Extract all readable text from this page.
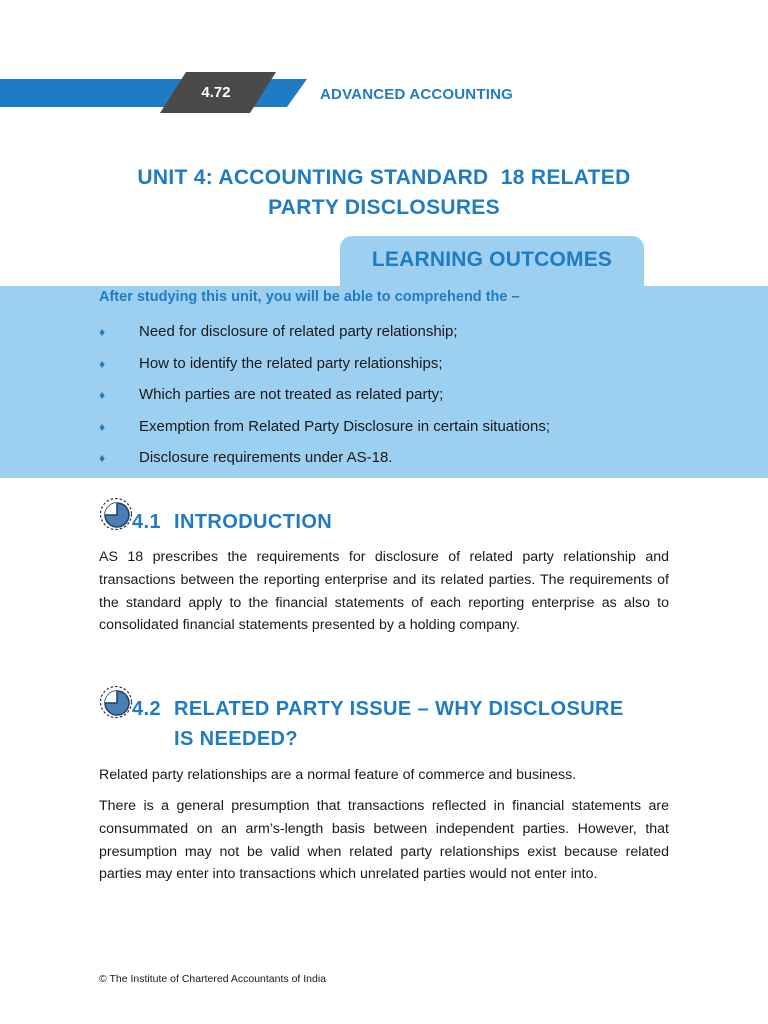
4.72	ADVANCED ACCOUNTING
UNIT 4: ACCOUNTING STANDARD  18 RELATED
PARTY DISCLOSURES
LEARNING OUTCOMES
After studying this unit, you will be able to comprehend the –
♦	Need for disclosure of related party relationship;
♦	How to identify the related party relationships;
♦	Which parties are not treated as related party;
♦	Exemption from Related Party Disclosure in certain situations;
♦	Disclosure requirements under AS-18.
4.1 INTRODUCTION

AS 18 prescribes the requirements for disclosure of related party relationship and transactions between the reporting enterprise and its related parties. The requirements of the standard apply to the financial statements of each reporting enterprise as also to consolidated financial statements presented by a holding company.

4.2 RELATED PARTY ISSUE – WHY DISCLOSURE
IS NEEDED?

Related party relationships are a normal feature of commerce and business.

There is a general presumption that transactions reflected in financial statements are consummated on an arm’s-length basis between independent parties. However, that presumption may not be valid when related party relationships exist because related parties may enter into transactions which unrelated parties would not enter into.

© The Institute of Chartered Accountants of India
